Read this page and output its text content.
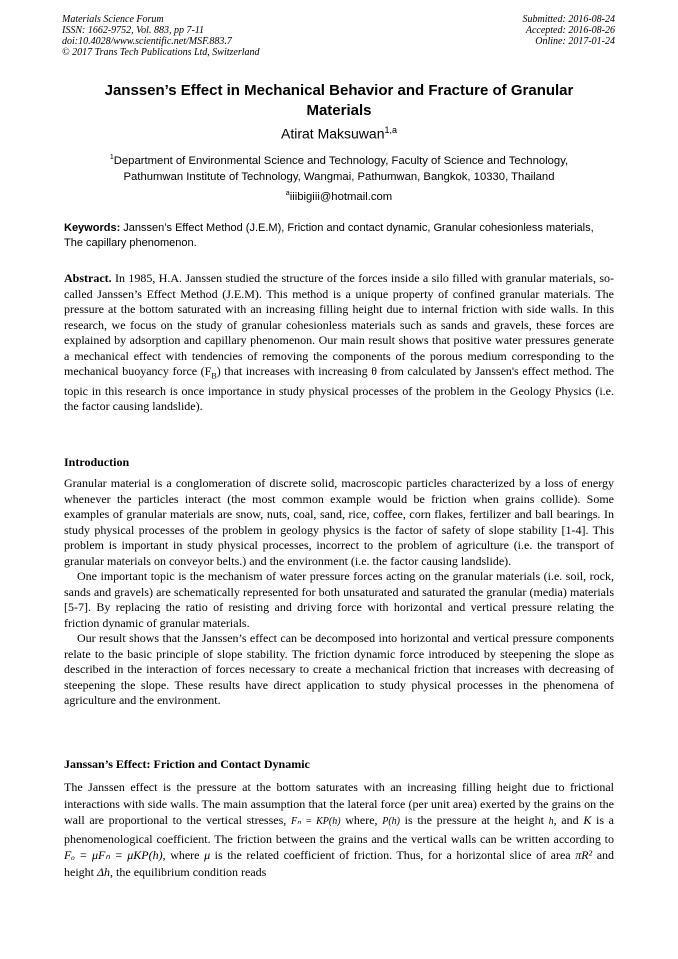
Materials Science Forum
ISSN: 1662-9752, Vol. 883, pp 7-11
doi:10.4028/www.scientific.net/MSF.883.7
© 2017 Trans Tech Publications Ltd, Switzerland
Submitted: 2016-08-24
Accepted: 2016-08-26
Online: 2017-01-24
Janssen’s Effect in Mechanical Behavior and Fracture of Granular
Materials
Atirat Maksuwan$^{1,a}$
$^1$Department of Environmental Science and Technology, Faculty of Science and Technology,
Pathumwan Institute of Technology, Wangmai, Pathumwan, Bangkok, 10330, Thailand
$^a$iiibigiii@hotmail.com
Keywords: Janssen’s Effect Method (J.E.M), Friction and contact dynamic, Granular cohesionless materials, The capillary phenomenon.
Abstract. In 1985, H.A. Janssen studied the structure of the forces inside a silo filled with granular materials, so-called Janssen’s Effect Method (J.E.M). This method is a unique property of confined granular materials. The pressure at the bottom saturated with an increasing filling height due to internal friction with side walls. In this research, we focus on the study of granular cohesionless materials such as sands and gravels, these forces are explained by adsorption and capillary phenomenon. Our main result shows that positive water pressures generate a mechanical effect with tendencies of removing the components of the porous medium corresponding to the mechanical buoyancy force $(F_B)$ that increases with increasing θ from calculated by Janssen's effect method. The topic in this research is once importance in study physical processes of the problem in the Geology Physics (i.e. the factor causing landslide).
Introduction

Granular material is a conglomeration of discrete solid, macroscopic particles characterized by a loss of energy whenever the particles interact (the most common example would be friction when grains collide). Some examples of granular materials are snow, nuts, coal, sand, rice, coffee, corn flakes, fertilizer and ball bearings. In study physical processes of the problem in geology physics is the factor of safety of slope stability [1-4]. This problem is important in study physical processes, incorrect to the problem of agriculture (i.e. the transport of granular materials on conveyor belts.) and the environment (i.e. the factor causing landslide).

One important topic is the mechanism of water pressure forces acting on the granular materials (i.e. soil, rock, sands and gravels) are schematically represented for both unsaturated and saturated the granular (media) materials [5-7]. By replacing the ratio of resisting and driving force with horizontal and vertical pressure relating the friction dynamic of granular materials.

Our result shows that the Janssen’s effect can be decomposed into horizontal and vertical pressure components relate to the basic principle of slope stability. The friction dynamic force introduced by steepening the slope as described in the interaction of forces necessary to create a mechanical friction that increases with decreasing of steepening the slope. These results have direct application to study physical processes in the phenomena of agriculture and the environment.

Janssan’s Effect: Friction and Contact Dynamic

The Janssen effect is the pressure at the bottom saturates with an increasing filling height due to frictional interactions with side walls. The main assumption that the lateral force (per unit area) exerted by the grains on the wall are proportional to the vertical stresses, Fₙ = KP(h) where, P(h) is the pressure at the height h, and K is a phenomenological coefficient. The friction between the grains and the vertical walls can be written according to Fₒ = μFₙ = μKP(h), where μ is the related coefficient of friction. Thus, for a horizontal slice of area πR² and height Δh, the equilibrium condition reads
